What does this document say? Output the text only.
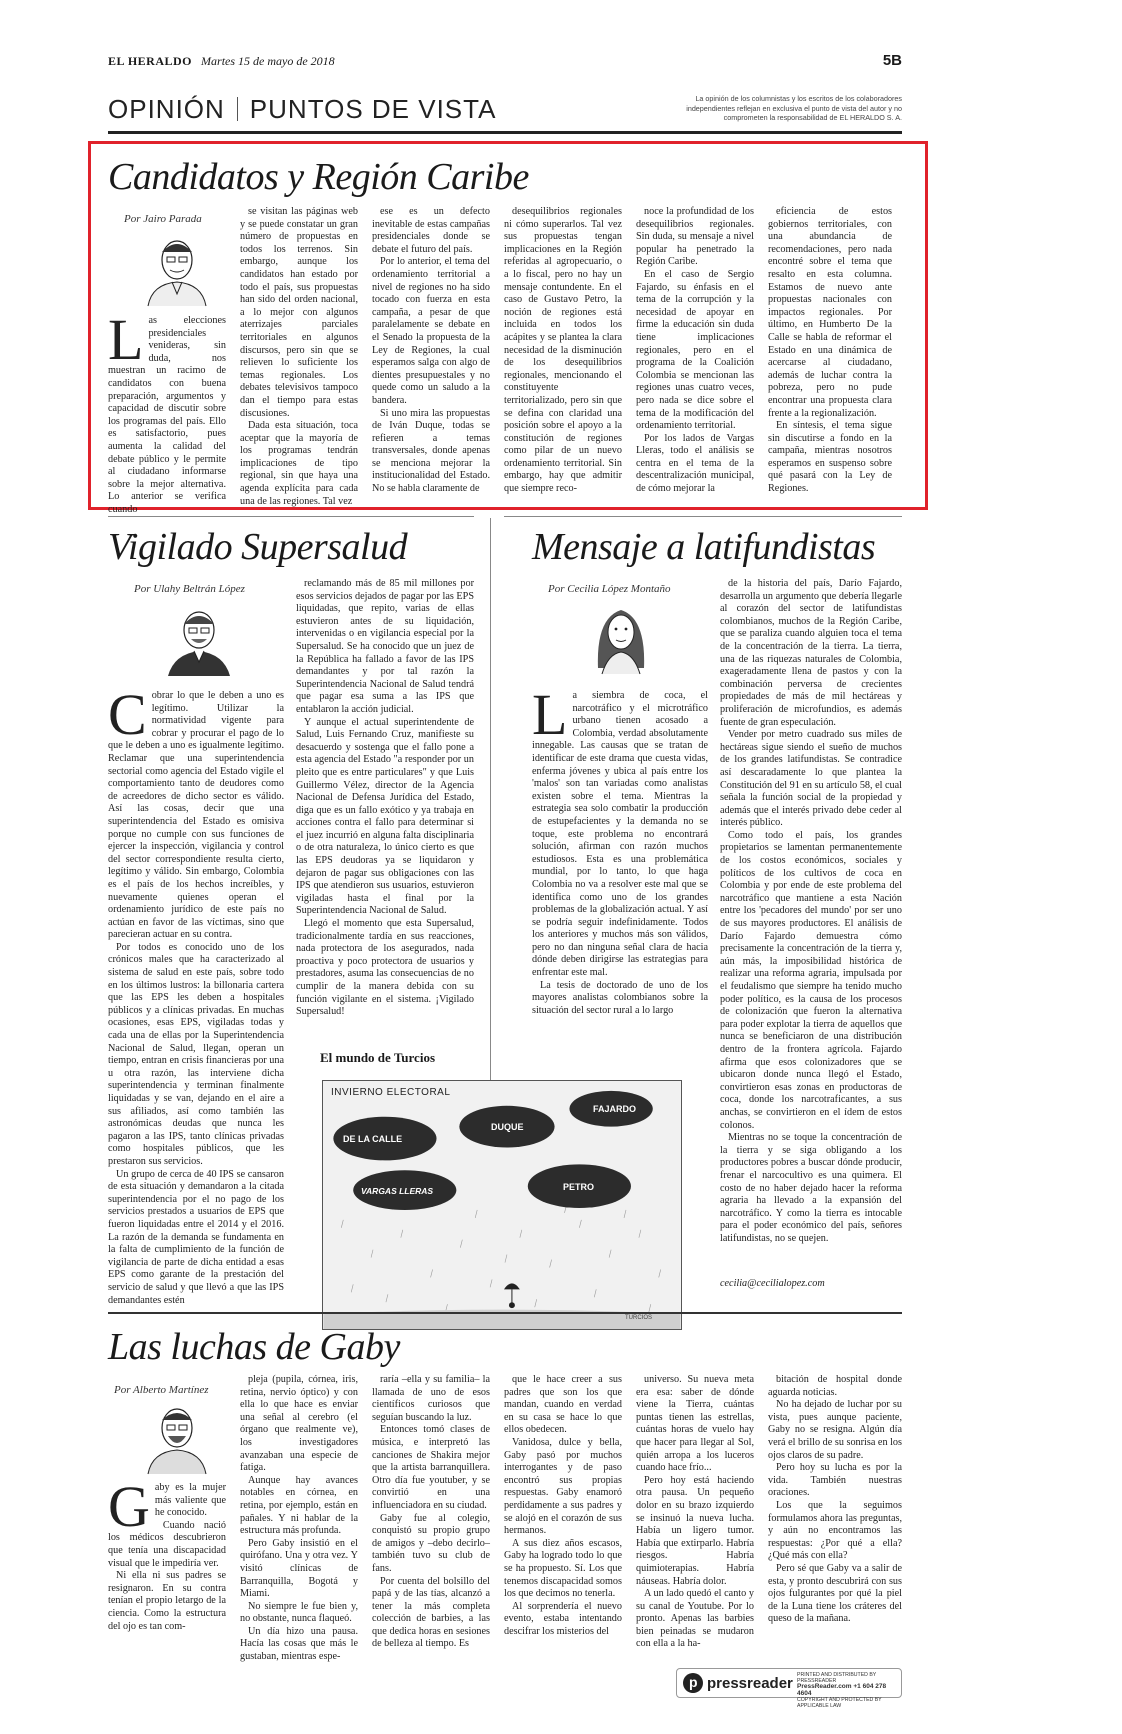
EL HERALDO Martes 15 de mayo de 2018	5B
OPINIÓN PUNTOS DE VISTA	La opinión de los columnistas y los escritos de los colaboradores independientes reflejan en exclusiva el punto de vista del autor y no comprometen la responsabilidad de EL HERALDO S. A.
Candidatos y Región Caribe
Por Jairo Parada
L as elecciones presidenciales venideras, sin duda, nos muestran un racimo de candidatos con buena preparación, argumentos y capacidad de discutir sobre los programas del país. Ello es satisfactorio, pues aumenta la calidad del debate público y le permite al ciudadano informarse sobre la mejor alternativa. Lo anterior se verifica cuando

se visitan las páginas web y se puede constatar un gran número de propuestas en todos los terrenos. Sin embargo, aunque los candidatos han estado por todo el país, sus propuestas han sido del orden nacional, a lo mejor con algunos aterrizajes parciales territoriales en algunos discursos, pero sin que se relieven lo suficiente los temas regionales. Los debates televisivos tampoco dan el tiempo para estas discusiones.

Dada esta situación, toca aceptar que la mayoría de los programas tendrán implicaciones de tipo regional, sin que haya una agenda explícita para cada una de las regiones. Tal vez

ese es un defecto inevitable de estas campañas presidenciales donde se debate el futuro del país.

Por lo anterior, el tema del ordenamiento territorial a nivel de regiones no ha sido tocado con fuerza en esta campaña, a pesar de que paralelamente se debate en el Senado la propuesta de la Ley de Regiones, la cual esperamos salga con algo de dientes presupuestales y no quede como un saludo a la bandera.

Si uno mira las propuestas de Iván Duque, todas se refieren a temas transversales, donde apenas se menciona mejorar la institucionalidad del Estado. No se habla claramente de

desequilibrios regionales ni cómo superarlos. Tal vez sus propuestas tengan implicaciones en la Región referidas al agropecuario, o a lo fiscal, pero no hay un mensaje contundente. En el caso de Gustavo Petro, la noción de regiones está incluida en todos los acápites y se plantea la clara necesidad de la disminución de los desequilibrios regionales, mencionando el constituyente territorializado, pero sin que se defina con claridad una posición sobre el apoyo a la constitución de regiones como pilar de un nuevo ordenamiento territorial. Sin embargo, hay que admitir que siempre reco-

noce la profundidad de los desequilibrios regionales. Sin duda, su mensaje a nivel popular ha penetrado la Región Caribe.

En el caso de Sergio Fajardo, su énfasis en el tema de la corrupción y la necesidad de apoyar en firme la educación sin duda tiene implicaciones regionales, pero en el programa de la Coalición Colombia se mencionan las regiones unas cuatro veces, pero nada se dice sobre el tema de la modificación del ordenamiento territorial.

Por los lados de Vargas Lleras, todo el análisis se centra en el tema de la descentralización municipal, de cómo mejorar la

eficiencia de estos gobiernos territoriales, con una abundancia de recomendaciones, pero nada encontré sobre el tema que resalto en esta columna. Estamos de nuevo ante propuestas nacionales con impactos regionales. Por último, en Humberto De la Calle se habla de reformar el Estado en una dinámica de acercarse al ciudadano, además de luchar contra la pobreza, pero no pude encontrar una propuesta clara frente a la regionalización.

En síntesis, el tema sigue sin discutirse a fondo en la campaña, mientras nosotros esperamos en suspenso sobre qué pasará con la Ley de Regiones.

Vigilado Supersalud
Por Ulahy Beltrán López
C obrar lo que le deben a uno es legítimo. Utilizar la normatividad vigente para cobrar y procurar el pago de lo que le deben a uno es igualmente legítimo. Reclamar que una superintendencia sectorial como agencia del Estado vigile el comportamiento tanto de deudores como de acreedores de dicho sector es válido. Así las cosas, decir que una superintendencia del Estado es omisiva porque no cumple con sus funciones de ejercer la inspección, vigilancia y control del sector correspondiente resulta cierto, legítimo y válido. Sin embargo, Colombia es el país de los hechos increíbles, y nuevamente quienes operan el ordenamiento jurídico de este país no actúan en favor de las víctimas, sino que parecieran actuar en su contra.

Por todos es conocido uno de los crónicos males que ha caracterizado al sistema de salud en este país, sobre todo en los últimos lustros: la billonaria cartera que las EPS les deben a hospitales públicos y a clínicas privadas. En muchas ocasiones, esas EPS, vigiladas todas y cada una de ellas por la Superintendencia Nacional de Salud, llegan, operan un tiempo, entran en crisis financieras por una u otra razón, las interviene dicha superintendencia y terminan finalmente liquidadas y se van, dejando en el aire a sus afiliados, así como también las astronómicas deudas que nunca les pagaron a las IPS, tanto clínicas privadas como hospitales públicos, que les prestaron sus servicios.

Un grupo de cerca de 40 IPS se cansaron de esta situación y demandaron a la citada superintendencia por el no pago de los servicios prestados a usuarios de EPS que fueron liquidadas entre el 2014 y el 2016. La razón de la demanda se fundamenta en la falta de cumplimiento de la función de vigilancia de parte de dicha entidad a esas EPS como garante de la prestación del servicio de salud y que llevó a que las IPS demandantes estén

reclamando más de 85 mil millones por esos servicios dejados de pagar por las EPS liquidadas, que repito, varias de ellas estuvieron antes de su liquidación, intervenidas o en vigilancia especial por la Supersalud. Se ha conocido que un juez de la República ha fallado a favor de las IPS demandantes y por tal razón la Superintendencia Nacional de Salud tendrá que pagar esa suma a las IPS que entablaron la acción judicial.

Y aunque el actual superintendente de Salud, Luis Fernando Cruz, manifieste su desacuerdo y sostenga que el fallo pone a esta agencia del Estado "a responder por un pleito que es entre particulares" y que Luis Guillermo Vélez, director de la Agencia Nacional de Defensa Jurídica del Estado, diga que es un fallo exótico y ya trabaja en acciones contra el fallo para determinar si el juez incurrió en alguna falta disciplinaria o de otra naturaleza, lo único cierto es que las EPS deudoras ya se liquidaron y dejaron de pagar sus obligaciones con las IPS que atendieron sus usuarios, estuvieron vigiladas hasta el final por la Superintendencia Nacional de Salud.

Llegó el momento que esta Supersalud, tradicionalmente tardía en sus reacciones, nada protectora de los asegurados, nada proactiva y poco protectora de usuarios y prestadores, asuma las consecuencias de no cumplir de la manera debida con su función vigilante en el sistema. ¡Vigilado Supersalud!

El mundo de Turcios
INVIERNO ELECTORAL
DE LA CALLE
DUQUE
FAJARDO
VARGAS LLERAS	PETRO
TURCIOS
Mensaje a latifundistas
Por Cecilia López Montaño
L a siembra de coca, el narcotráfico y el microtráfico urbano tienen acosado a Colombia, verdad absolutamente innegable. Las causas que se tratan de identificar de este drama que cuesta vidas, enferma jóvenes y ubica al país entre los 'malos' son tan variadas como analistas existen sobre el tema. Mientras la estrategia sea solo combatir la producción de estupefacientes y la demanda no se toque, este problema no encontrará solución, afirman con razón muchos estudiosos. Esta es una problemática mundial, por lo tanto, lo que haga Colombia no va a resolver este mal que se identifica como uno de los grandes problemas de la globalización actual. Y así se podría seguir indefinidamente. Todos los anteriores y muchos más son válidos, pero no dan ninguna señal clara de hacia dónde deben dirigirse las estrategias para enfrentar este mal.

La tesis de doctorado de uno de los mayores analistas colombianos sobre la situación del sector rural a lo largo

de la historia del país, Darío Fajardo, desarrolla un argumento que debería llegarle al corazón del sector de latifundistas colombianos, muchos de la Región Caribe, que se paraliza cuando alguien toca el tema de la concentración de la tierra. La tierra, una de las riquezas naturales de Colombia, exageradamente llena de pastos y con la combinación perversa de crecientes propiedades de más de mil hectáreas y proliferación de microfundios, es además fuente de gran especulación.

Vender por metro cuadrado sus miles de hectáreas sigue siendo el sueño de muchos de los grandes latifundistas. Se contradice así descaradamente lo que plantea la Constitución del 91 en su artículo 58, el cual señala la función social de la propiedad y además que el interés privado debe ceder al interés público.

Como todo el país, los grandes propietarios se lamentan permanentemente de los costos económicos, sociales y políticos de los cultivos de coca en Colombia y por ende de este problema del narcotráfico que mantiene a esta Nación entre los 'pecadores del mundo' por ser uno de sus mayores productores. El análisis de Darío Fajardo demuestra cómo precisamente la concentración de la tierra y, aún más, la imposibilidad histórica de realizar una reforma agraria, impulsada por el feudalismo que siempre ha tenido mucho poder político, es la causa de los procesos de colonización que fueron la alternativa para poder explotar la tierra de aquellos que nunca se beneficiaron de una distribución dentro de la frontera agrícola. Fajardo afirma que esos colonizadores que se ubicaron donde nunca llegó el Estado, convirtieron esas zonas en productoras de coca, donde los narcotraficantes, a sus anchas, se convirtieron en el ídem de estos colonos.

Mientras no se toque la concentración de la tierra y se siga obligando a los productores pobres a buscar dónde producir, frenar el narcocultivo es una quimera. El costo de no haber dejado hacer la reforma agraria ha llevado a la expansión del narcotráfico. Y como la tierra es intocable para el poder económico del país, señores latifundistas, no se quejen.

cecilia@cecilialopez.com
Las luchas de Gaby
Por Alberto Martínez
G aby es la mujer más valiente que he conocido.

Cuando nació los médicos descubrieron que tenía una discapacidad visual que le impediría ver.

Ni ella ni sus padres se resignaron. En su contra tenían el propio letargo de la ciencia. Como la estructura del ojo es tan com-

pleja (pupila, córnea, iris, retina, nervio óptico) y con ella lo que hace es enviar una señal al cerebro (el órgano que realmente ve), los investigadores avanzaban una especie de fatiga.

Aunque hay avances notables en córnea, en retina, por ejemplo, están en pañales. Y ni hablar de la estructura más profunda.

Pero Gaby insistió en el quirófano. Una y otra vez. Y visitó clínicas de Barranquilla, Bogotá y Miami.

No siempre le fue bien y, no obstante, nunca flaqueó.

Un día hizo una pausa. Hacía las cosas que más le gustaban, mientras espe-

raría –ella y su familia– la llamada de uno de esos científicos curiosos que seguían buscando la luz.

Entonces tomó clases de música, e interpretó las canciones de Shakira mejor que la artista barranquillera. Otro día fue youtuber, y se convirtió en una influenciadora en su ciudad.

Gaby fue al colegio, conquistó su propio grupo de amigos y –debo decirlo– también tuvo su club de fans.

Por cuenta del bolsillo del papá y de las tías, alcanzó a tener la más completa colección de barbies, a las que dedica horas en sesiones de belleza al tiempo. Es

que le hace creer a sus padres que son los que mandan, cuando en verdad en su casa se hace lo que ellos obedecen.

Vanidosa, dulce y bella, Gaby pasó por muchos interrogantes y de paso encontró sus propias respuestas. Gaby enamoró perdidamente a sus padres y se alojó en el corazón de sus hermanos.

A sus diez años escasos, Gaby ha logrado todo lo que se ha propuesto. Sí. Los que tenemos discapacidad somos los que decimos no tenerla.

Al sorprendería el nuevo evento, estaba intentando descifrar los misterios del

universo. Su nueva meta era esa: saber de dónde viene la Tierra, cuántas puntas tienen las estrellas, cuántas horas de vuelo hay que hacer para llegar al Sol, quién arropa a los luceros cuando hace frío...

Pero hoy está haciendo otra pausa. Un pequeño dolor en su brazo izquierdo se insinuó la nueva lucha. Había un ligero tumor. Había que extirparlo. Habría riesgos. Habría quimioterapias. Habría náuseas. Habría dolor.

A un lado quedó el canto y su canal de Youtube. Por lo pronto. Apenas las barbies bien peinadas se mudaron con ella a la ha-

bitación de hospital donde aguarda noticias.

No ha dejado de luchar por su vista, pues aunque paciente, Gaby no se resigna. Algún día verá el brillo de su sonrisa en los ojos claros de su padre.

Pero hoy su lucha es por la vida. También nuestras oraciones.

Los que la seguimos formulamos ahora las preguntas, y aún no encontramos las respuestas: ¿Por qué a ella? ¿Qué más con ella?

Pero sé que Gaby va a salir de esta, y pronto descubrirá con sus ojos fulgurantes por qué la piel de la Luna tiene los cráteres del queso de la mañana.

p pressreader PRINTED AND DISTRIBUTED BY PRESSREADER
PressReader.com +1 604 278 4604
COPYRIGHT AND PROTECTED BY APPLICABLE LAW
